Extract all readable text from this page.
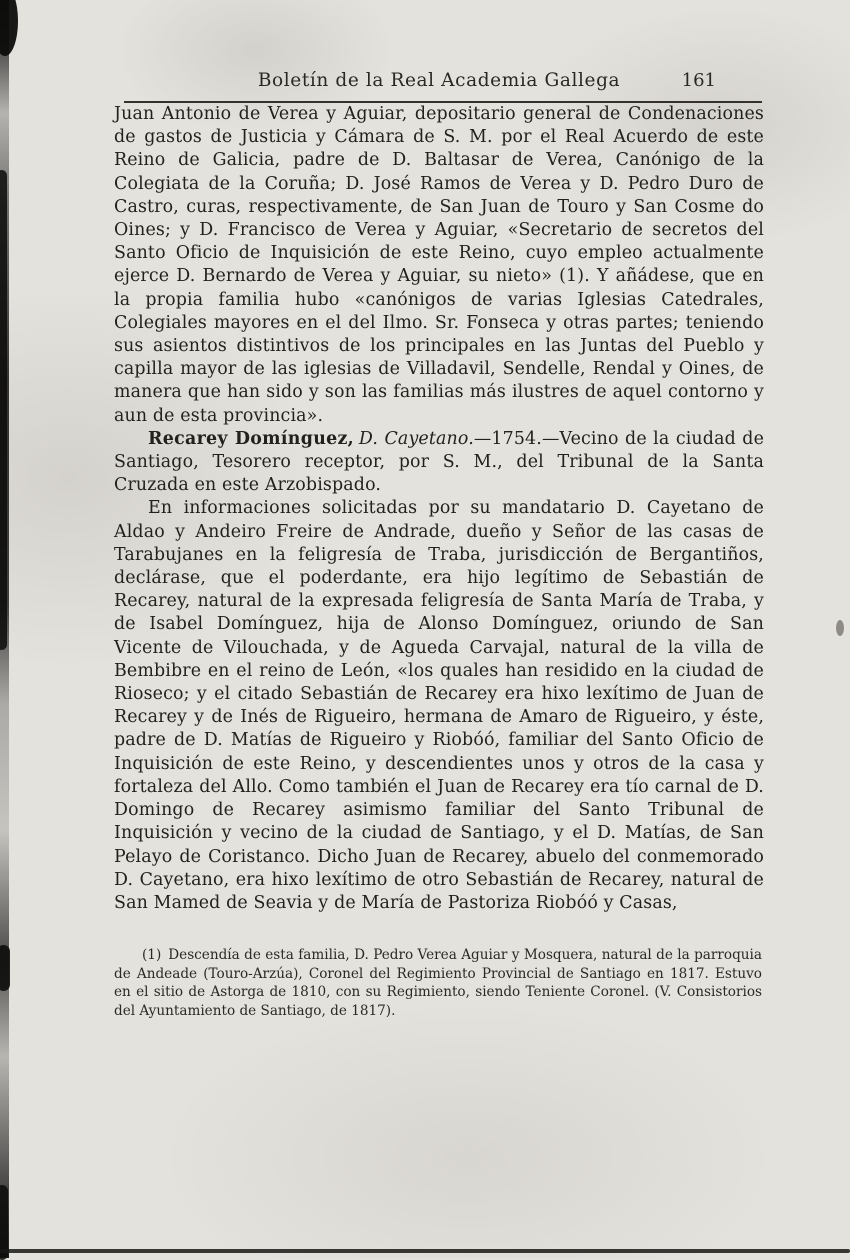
Boletín de la Real Academia Gallega	161

Juan Antonio de Verea y Aguiar, depositario general de Condenaciones de gastos de Justicia y Cámara de S. M. por el Real Acuerdo de este Reino de Galicia, padre de D. Baltasar de Verea, Canónigo de la Colegiata de la Coruña; D. José Ramos de Verea y D. Pedro Duro de Castro, curas, respectivamente, de San Juan de Touro y San Cosme do Oines; y D. Francisco de Verea y Aguiar, «Secretario de secretos del Santo Oficio de Inquisición de este Reino, cuyo empleo actualmente ejerce D. Bernardo de Verea y Aguiar, su nieto» (1). Y añádese, que en la propia familia hubo «canónigos de varias Iglesias Catedrales, Colegiales mayores en el del Ilmo. Sr. Fonseca y otras partes; teniendo sus asientos distintivos de los principales en las Juntas del Pueblo y capilla mayor de las iglesias de Villadavil, Sendelle, Rendal y Oines, de manera que han sido y son las familias más ilustres de aquel contorno y aun de esta provincia».

Recarey Domínguez, D. Cayetano.—1754.—Vecino de la ciudad de Santiago, Tesorero receptor, por S. M., del Tribunal de la Santa Cruzada en este Arzobispado.

En informaciones solicitadas por su mandatario D. Cayetano de Aldao y Andeiro Freire de Andrade, dueño y Señor de las casas de Tarabujanes en la feligresía de Traba, jurisdicción de Bergantiños, declárase, que el poderdante, era hijo legítimo de Sebastián de Recarey, natural de la expresada feligresía de Santa María de Traba, y de Isabel Domínguez, hija de Alonso Domínguez, oriundo de San Vicente de Vilouchada, y de Agueda Carvajal, natural de la villa de Bembibre en el reino de León, «los quales han residido en la ciudad de Rioseco; y el citado Sebastián de Recarey era hixo lexítimo de Juan de Recarey y de Inés de Rigueiro, hermana de Amaro de Rigueiro, y éste, padre de D. Matías de Rigueiro y Riobóó, familiar del Santo Oficio de Inquisición de este Reino, y descendientes unos y otros de la casa y fortaleza del Allo. Como también el Juan de Recarey era tío carnal de D. Domingo de Recarey asimismo familiar del Santo Tribunal de Inquisición y vecino de la ciudad de Santiago, y el D. Matías, de San Pelayo de Coristanco. Dicho Juan de Recarey, abuelo del conmemorado D. Cayetano, era hixo lexítimo de otro Sebastián de Recarey, natural de San Mamed de Seavia y de María de Pastoriza Riobóó y Casas,

(1) Descendía de esta familia, D. Pedro Verea Aguiar y Mosquera, natural de la parroquia de Andeade (Touro-Arzúa), Coronel del Regimiento Provincial de Santiago en 1817. Estuvo en el sitio de Astorga de 1810, con su Regimiento, siendo Teniente Coronel. (V. Consistorios del Ayuntamiento de Santiago, de 1817).
